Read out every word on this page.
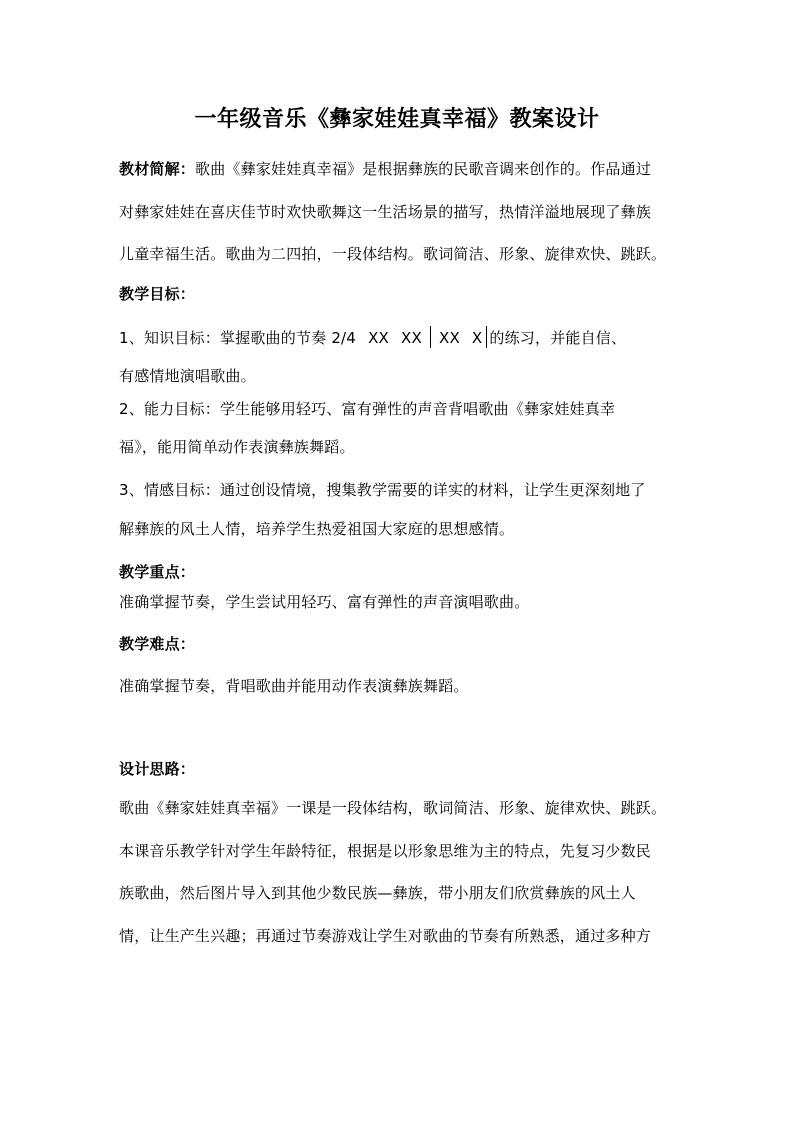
一年级音乐《彝家娃娃真幸福》教案设计
教材简解：歌曲《彝家娃娃真幸福》是根据彝族的民歌音调来创作的。作品通过
对彝家娃娃在喜庆佳节时欢快歌舞这一生活场景的描写，热情洋溢地展现了彝族
儿童幸福生活。歌曲为二四拍，一段体结构。歌词简洁、形象、旋律欢快、跳跃。
教学目标：
1、知识目标：掌握歌曲的节奏 2/4 XX XX XX X 的练习，并能自信、
有感情地演唱歌曲。
2、能力目标：学生能够用轻巧、富有弹性的声音背唱歌曲《彝家娃娃真幸
福》，能用简单动作表演彝族舞蹈。
3、情感目标：通过创设情境，搜集教学需要的详实的材料，让学生更深刻地了
解彝族的风土人情，培养学生热爱祖国大家庭的思想感情。
教学重点：
准确掌握节奏，学生尝试用轻巧、富有弹性的声音演唱歌曲。
教学难点：
准确掌握节奏，背唱歌曲并能用动作表演彝族舞蹈。
设计思路：
歌曲《彝家娃娃真幸福》一课是一段体结构，歌词简洁、形象、旋律欢快、跳跃。
本课音乐教学针对学生年龄特征，根据是以形象思维为主的特点，先复习少数民
族歌曲，然后图片导入到其他少数民族—彝族，带小朋友们欣赏彝族的风土人
情，让生产生兴趣；再通过节奏游戏让学生对歌曲的节奏有所熟悉，通过多种方
